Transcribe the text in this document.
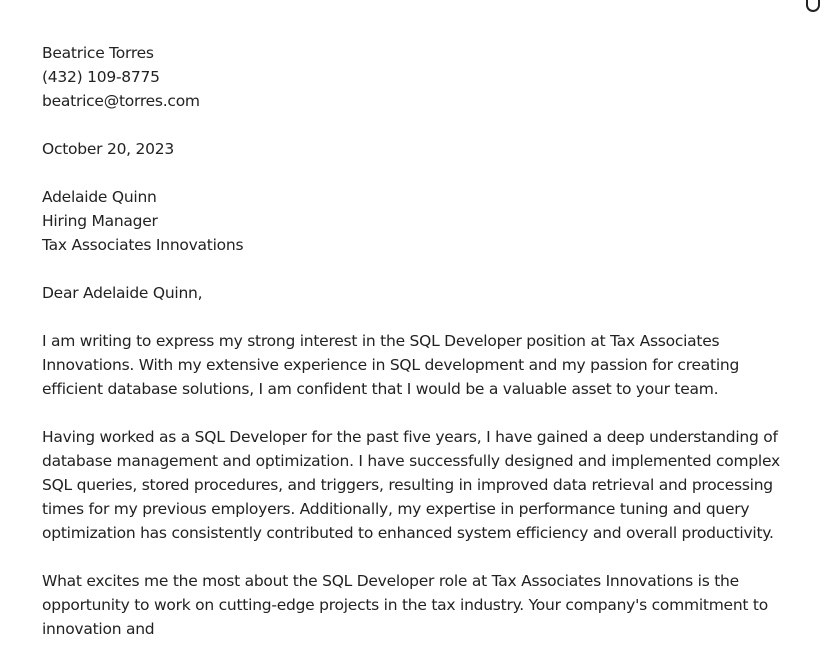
Beatrice Torres
(432) 109-8775
beatrice@torres.com
October 20, 2023
Adelaide Quinn
Hiring Manager
Tax Associates Innovations
Dear Adelaide Quinn,

I am writing to express my strong interest in the SQL Developer position at Tax Associates Innovations. With my extensive experience in SQL development and my passion for creating efficient database solutions, I am confident that I would be a valuable asset to your team.

Having worked as a SQL Developer for the past five years, I have gained a deep understanding of database management and optimization. I have successfully designed and implemented complex SQL queries, stored procedures, and triggers, resulting in improved data retrieval and processing times for my previous employers. Additionally, my expertise in performance tuning and query optimization has consistently contributed to enhanced system efficiency and overall productivity.

What excites me the most about the SQL Developer role at Tax Associates Innovations is the opportunity to work on cutting-edge projects in the tax industry. Your company's commitment to innovation and
